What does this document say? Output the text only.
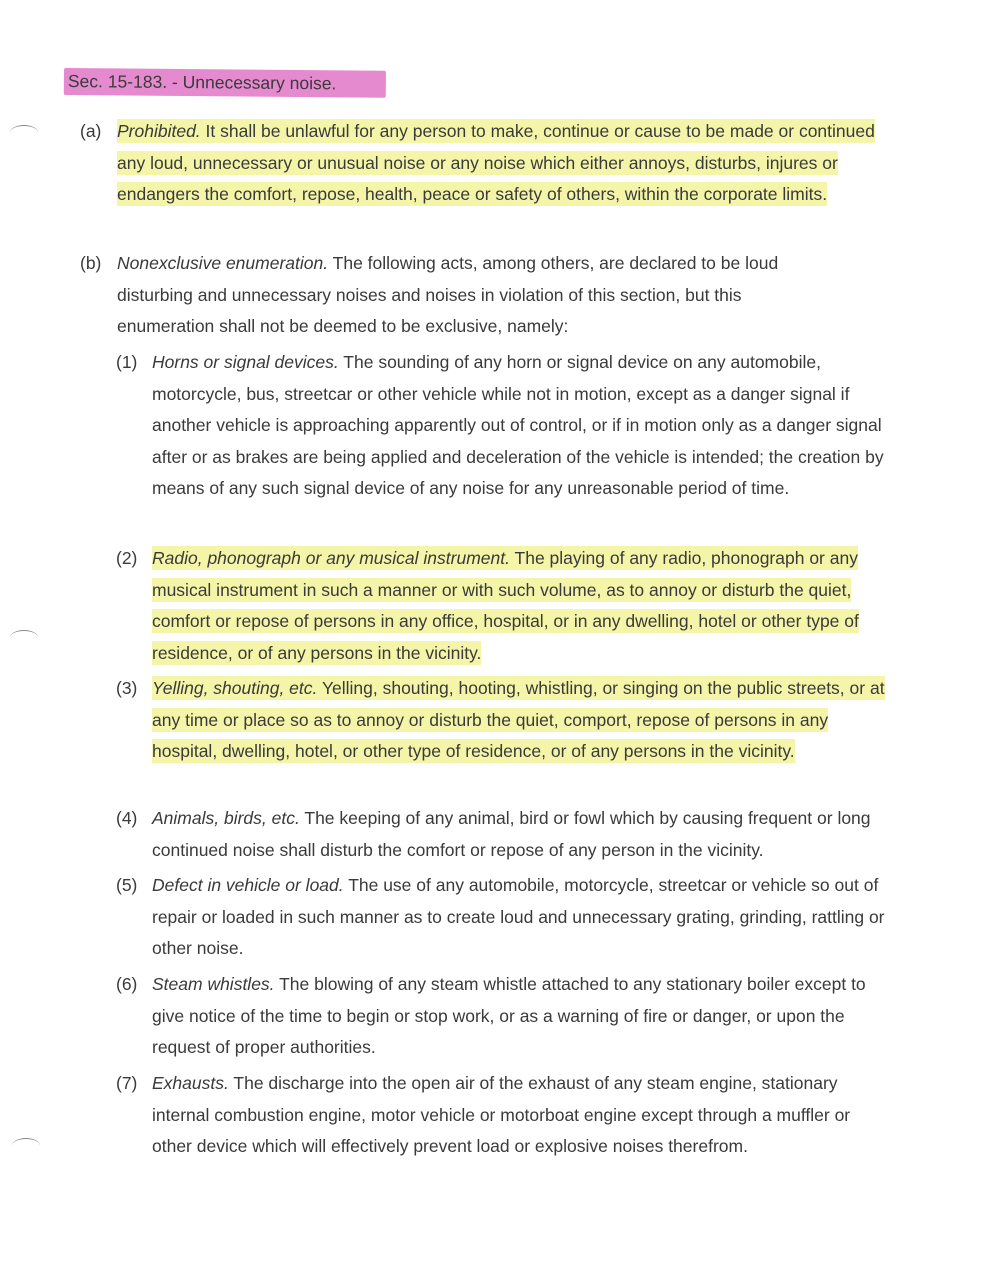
Sec. 15-183. - Unnecessary noise.
(a) Prohibited. It shall be unlawful for any person to make, continue or cause to be made or continued any loud, unnecessary or unusual noise or any noise which either annoys, disturbs, injures or endangers the comfort, repose, health, peace or safety of others, within the corporate limits.
(b) Nonexclusive enumeration. The following acts, among others, are declared to be loud disturbing and unnecessary noises and noises in violation of this section, but this enumeration shall not be deemed to be exclusive, namely:
(1) Horns or signal devices. The sounding of any horn or signal device on any automobile, motorcycle, bus, streetcar or other vehicle while not in motion, except as a danger signal if another vehicle is approaching apparently out of control, or if in motion only as a danger signal after or as brakes are being applied and deceleration of the vehicle is intended; the creation by means of any such signal device of any noise for any unreasonable period of time.
(2) Radio, phonograph or any musical instrument. The playing of any radio, phonograph or any musical instrument in such a manner or with such volume, as to annoy or disturb the quiet, comfort or repose of persons in any office, hospital, or in any dwelling, hotel or other type of residence, or of any persons in the vicinity.
(3) Yelling, shouting, etc. Yelling, shouting, hooting, whistling, or singing on the public streets, or at any time or place so as to annoy or disturb the quiet, comport, repose of persons in any hospital, dwelling, hotel, or other type of residence, or of any persons in the vicinity.
(4) Animals, birds, etc. The keeping of any animal, bird or fowl which by causing frequent or long continued noise shall disturb the comfort or repose of any person in the vicinity.
(5) Defect in vehicle or load. The use of any automobile, motorcycle, streetcar or vehicle so out of repair or loaded in such manner as to create loud and unnecessary grating, grinding, rattling or other noise.
(6) Steam whistles. The blowing of any steam whistle attached to any stationary boiler except to give notice of the time to begin or stop work, or as a warning of fire or danger, or upon the request of proper authorities.
(7) Exhausts. The discharge into the open air of the exhaust of any steam engine, stationary internal combustion engine, motor vehicle or motorboat engine except through a muffler or other device which will effectively prevent load or explosive noises therefrom.
